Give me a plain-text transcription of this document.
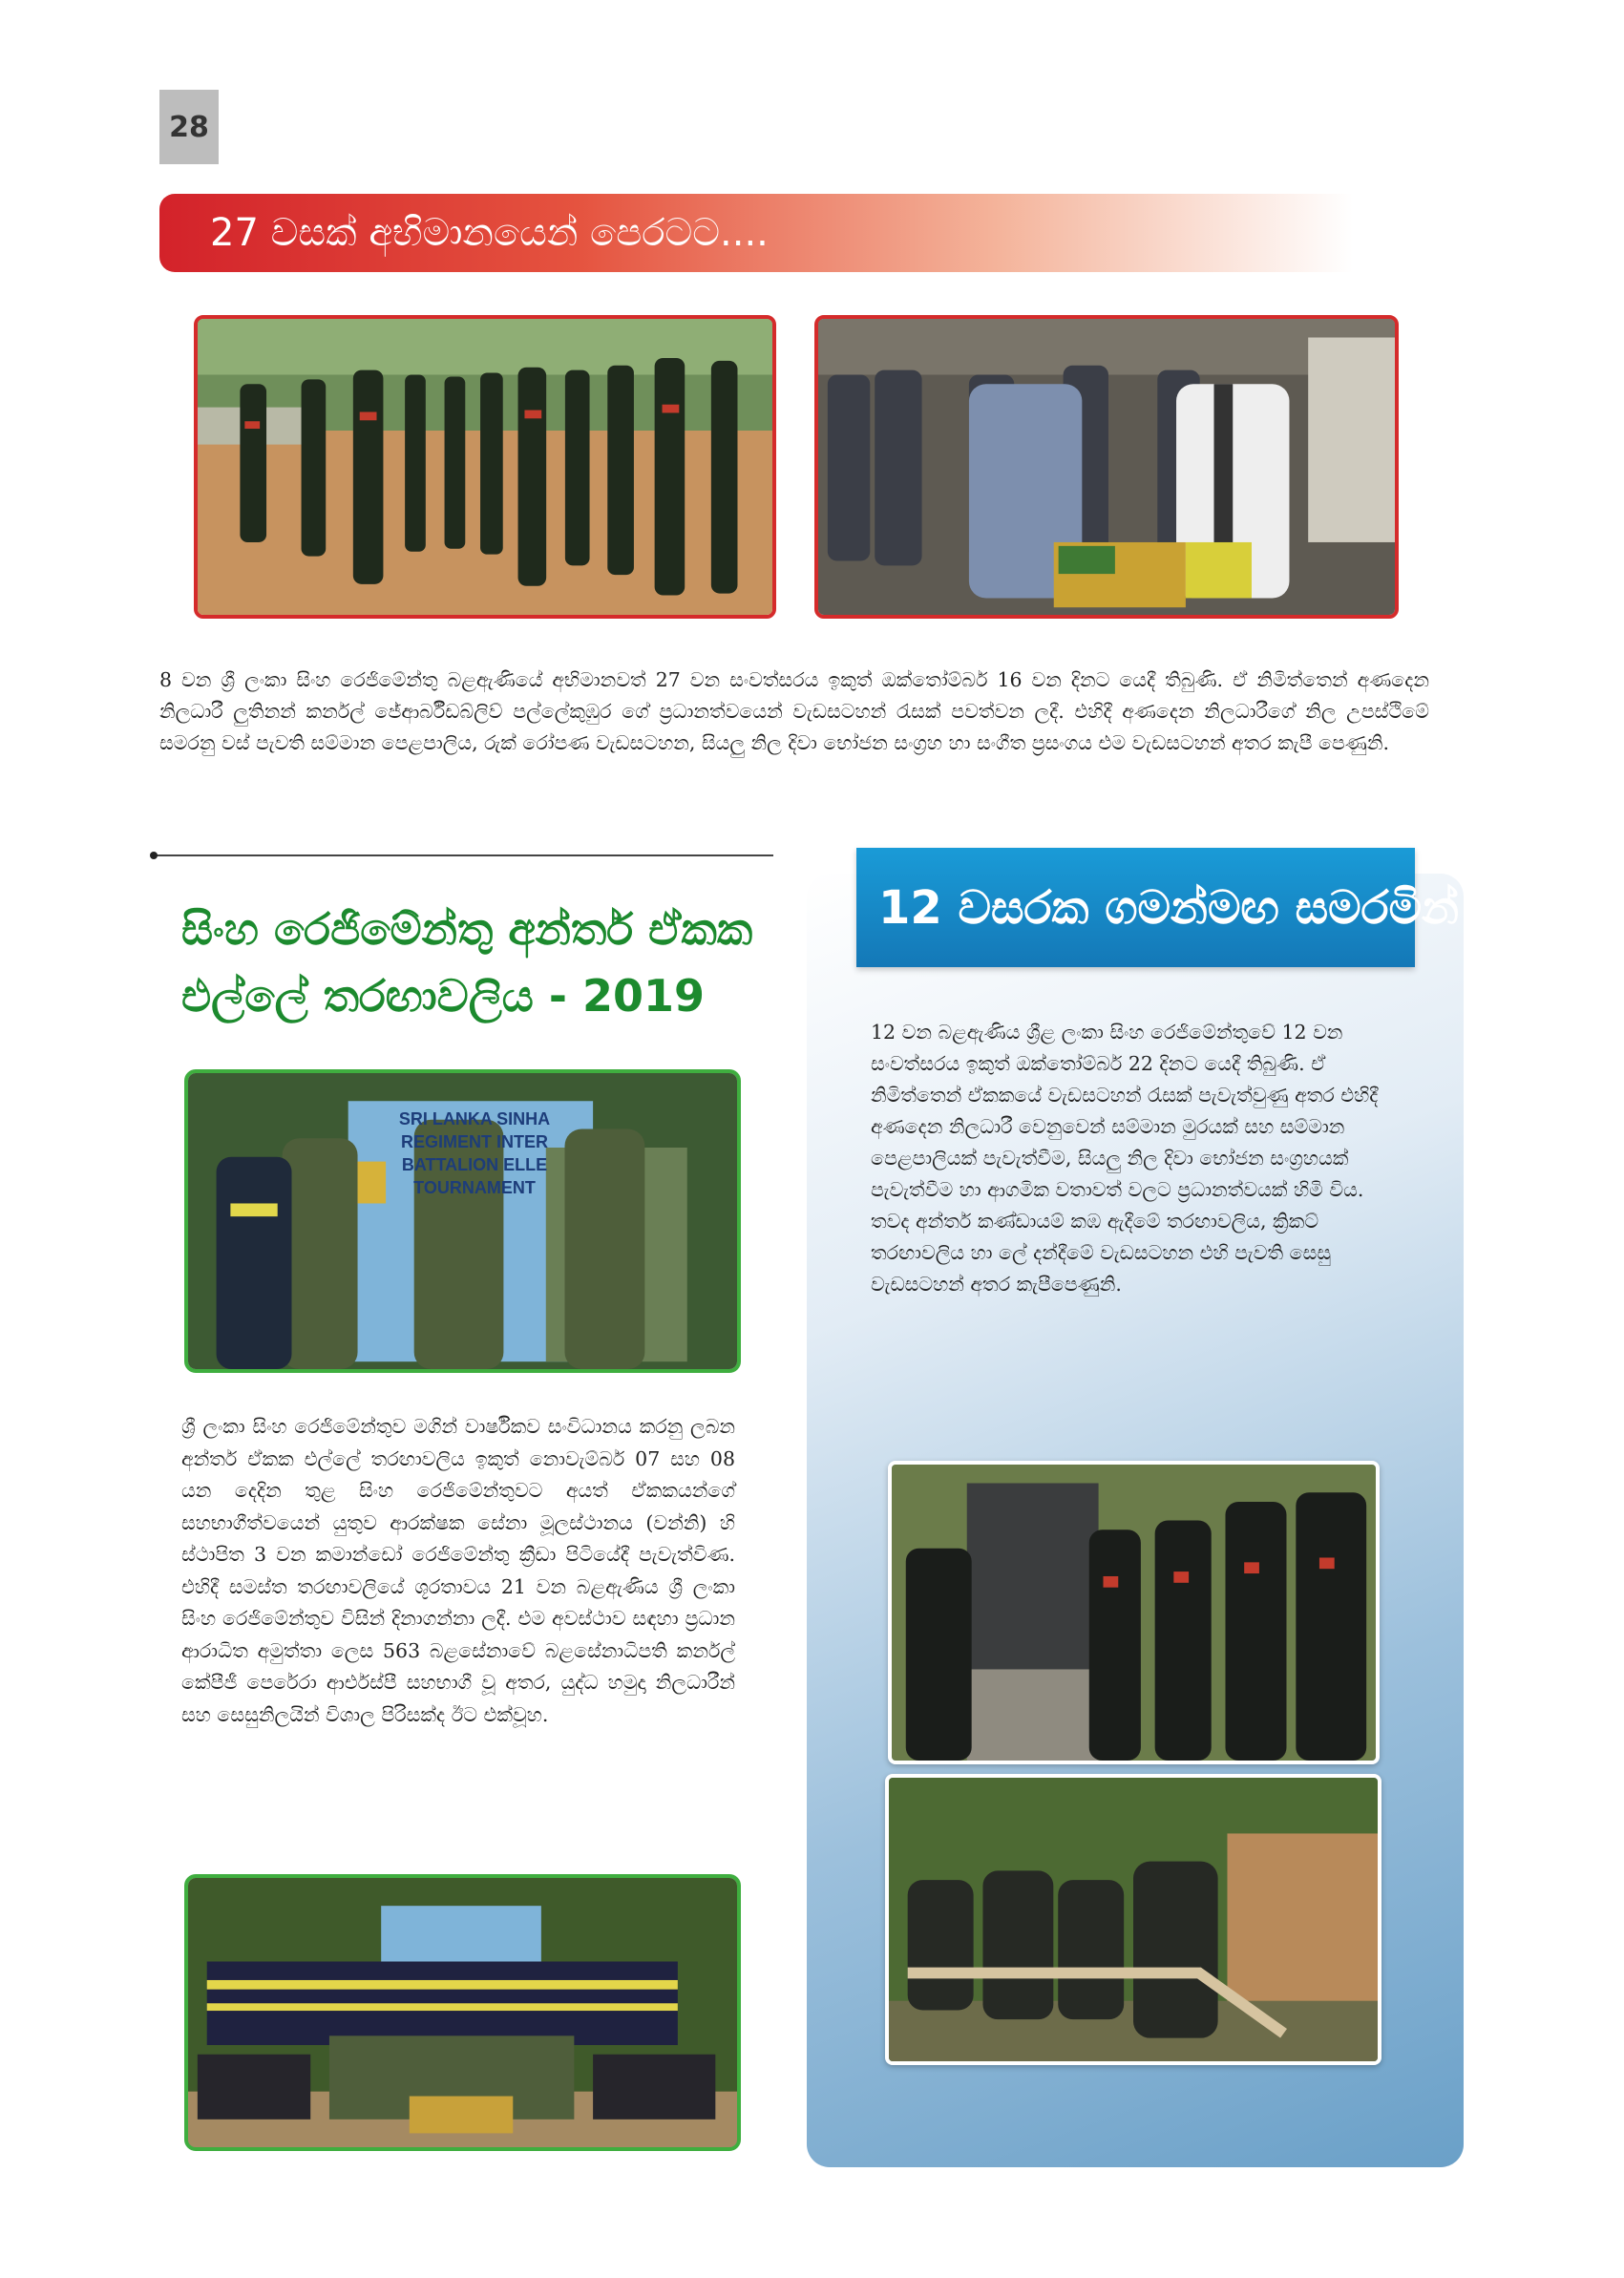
28
27 වසක් අභිමානයෙන් පෙරටට....
8 වන ශ්‍රී ලංකා සිංහ රෙජිමේන්තු බළඇණියේ අභිමානවත් 27 වන සංවත්සරය ඉකුත් ඔක්තෝම්බර් 16 වන දිනට යෙදී තිබුණි. ඒ නිමිත්තෙන් අණදෙන නිලධාරී ලුතිනන් කර්නල් ජේආර්බීඩබ්ලිව් පල්ලේකුඹුර ගේ ප්‍රධානත්වයෙන් වැඩසටහන් රැසක් පවත්වන ලදී. එහිදී අණදෙන නිලධාරීගේ නිල උපස්ථිමේ සමරනු වස් පැවති සම්මාන පෙළපාලිය, රුක් රෝපණ වැඩසටහන, සියලු නිල දිවා භෝජන සංග්‍රහ හා සංගීත ප්‍රසංගය එම වැඩසටහන් අතර කැපී පෙණුනි.
සිංහ රෙජිමේන්තු අන්තර් ඒකක එල්ලේ තරඟාවලිය - 2019
SRI LANKA SINHA REGIMENT INTER BATTALION ELLE TOURNAMENT
ශ්‍රී ලංකා සිංහ රෙජිමේන්තුව මගින් වාර්ෂිකව සංවිධානය කරනු ලබන අන්තර් ඒකක එල්ලේ තරඟාවලිය ඉකුත් නොවැම්බර් 07 සහ 08 යන දෙදින තුළ සිංහ රෙජිමේන්තුවට අයත් ඒකකයන්ගේ සහභාගීත්වයෙන් යුතුව ආරක්ෂක සේනා මූලස්ථානය (වන්නි) හි ස්ථාපිත 3 වන කමාන්ඩෝ රෙජිමේන්තු ක්‍රීඩා පිටියේදී පැවැත්විණ. එහිදී සමස්ත තරඟාවලියේ ශූරතාවය 21 වන බළඇණිය ශ්‍රී ලංකා සිංහ රෙජිමේන්තුව විසින් දිනාගන්නා ලදී. එම අවස්ථාව සඳහා ප්‍රධාන ආරාධිත අමුත්තා ලෙස 563 බළසේනාවේ බළසේනාධිපති කර්නල් කේපීජී පෙරේරා ආර්එස්පී සහභාගී වූ අතර, යුද්ධ හමුදා නිලධාරීන් සහ සෙසුනිලයින් විශාල පිරිසක්ද ඊට එක්වූහ.
12 වසරක ගමන්මඟ සමරමින්....
12 වන බළඇණිය ශ්‍රීළ ලංකා සිංහ රෙජිමේන්තුවේ 12 වන සංවත්සරය ඉකුත් ඔක්තෝම්බර් 22 දිනට යෙදී තිබුණි. ඒ නිමිත්තෙන් ඒකකයේ වැඩසටහන් රැසක් පැවැත්වුණු අතර එහිදී අණදෙන නිලධාරී වෙනුවෙන් සම්මාන මුරයක් සහ සම්මාන පෙළපාලියක් පැවැත්වීම, සියලු නිල දිවා භෝජන සංග්‍රහයක් පැවැත්වීම හා ආගමික වතාවත් වලට ප්‍රධානත්වයක් හිමි විය. තවද අන්තර් කණ්ඩායම් කඹ ඇදීමේ තරඟාවලිය, ක්‍රිකට් තරඟාවලිය හා ලේ දන්දීමේ වැඩසටහන එහි පැවති සෙසු වැඩසටහන් අතර කැපීපෙණුනි.
